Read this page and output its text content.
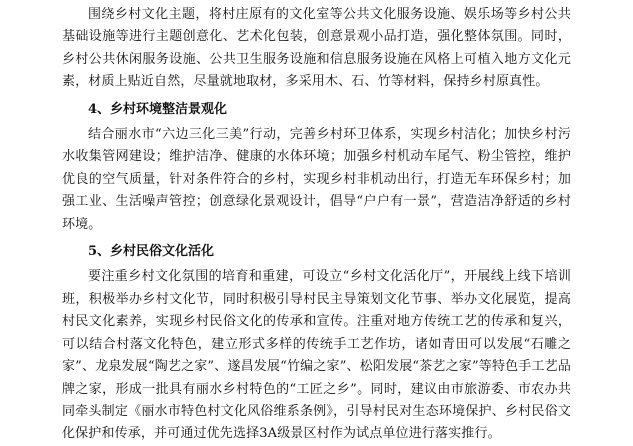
围绕乡村文化主题，将村庄原有的文化室等公共文化服务设施、娱乐场等乡村公共基础设施等进行主题创意化、艺术化包装，创意景观小品打造，强化整体氛围。同时，乡村公共休闲服务设施、公共卫生服务设施和信息服务设施在风格上可植入地方文化元素，材质上贴近自然，尽量就地取材，多采用木、石、竹等材料，保持乡村原真性。

4、乡村环境整洁景观化

结合丽水市“六边三化三美”行动，完善乡村环卫体系，实现乡村洁化；加快乡村污水收集管网建设；维护洁净、健康的水体环境；加强乡村机动车尾气、粉尘管控，维护优良的空气质量，针对条件符合的乡村，实现乡村非机动出行，打造无车环保乡村；加强工业、生活噪声管控；创意绿化景观设计，倡导“户户有一景”，营造洁净舒适的乡村环境。

5、乡村民俗文化活化

要注重乡村文化氛围的培育和重建，可设立“乡村文化活化厅”，开展线上线下培训班，积极举办乡村文化节，同时积极引导村民主导策划文化节事、举办文化展览，提高村民文化素养，实现乡村民俗文化的传承和宣传。注重对地方传统工艺的传承和复兴，可以结合村落文化特色，建立形式多样的传统手工艺作坊，诸如青田可以发展“石雕之家”、龙泉发展“陶艺之家”、遂昌发展“竹编之家”、松阳发展“茶艺之家”等特色手工艺品牌之家，形成一批具有丽水乡村特色的“工匠之乡”。同时，建议由市旅游委、市农办共同牵头制定《丽水市特色村文化风俗维系条例》，引导村民对生态环境保护、乡村民俗文化保护和传承，并可通过优先选择3A级景区村作为试点单位进行落实推行。
